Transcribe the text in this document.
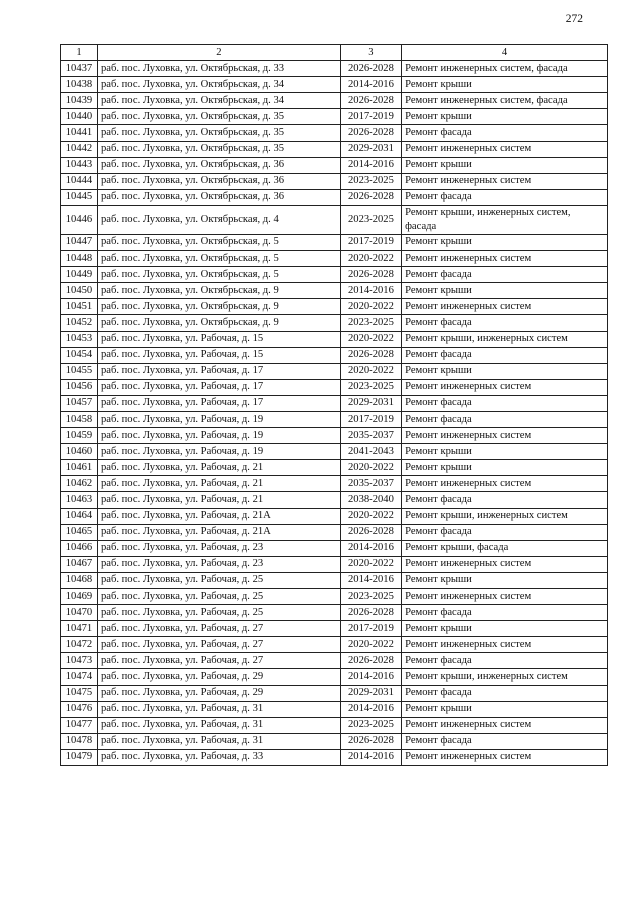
272
1	2	3	4
10437	раб. пос. Луховка, ул. Октябрьская, д. 33	2026-2028	Ремонт инженерных систем, фасада
10438	раб. пос. Луховка, ул. Октябрьская, д. 34	2014-2016	Ремонт крыши
10439	раб. пос. Луховка, ул. Октябрьская, д. 34	2026-2028	Ремонт инженерных систем, фасада
10440	раб. пос. Луховка, ул. Октябрьская, д. 35	2017-2019	Ремонт крыши
10441	раб. пос. Луховка, ул. Октябрьская, д. 35	2026-2028	Ремонт фасада
10442	раб. пос. Луховка, ул. Октябрьская, д. 35	2029-2031	Ремонт инженерных систем
10443	раб. пос. Луховка, ул. Октябрьская, д. 36	2014-2016	Ремонт крыши
10444	раб. пос. Луховка, ул. Октябрьская, д. 36	2023-2025	Ремонт инженерных систем
10445	раб. пос. Луховка, ул. Октябрьская, д. 36	2026-2028	Ремонт фасада
10446	раб. пос. Луховка, ул. Октябрьская, д. 4	2023-2025	Ремонт крыши, инженерных систем, фасада
10447	раб. пос. Луховка, ул. Октябрьская, д. 5	2017-2019	Ремонт крыши
10448	раб. пос. Луховка, ул. Октябрьская, д. 5	2020-2022	Ремонт инженерных систем
10449	раб. пос. Луховка, ул. Октябрьская, д. 5	2026-2028	Ремонт фасада
10450	раб. пос. Луховка, ул. Октябрьская, д. 9	2014-2016	Ремонт крыши
10451	раб. пос. Луховка, ул. Октябрьская, д. 9	2020-2022	Ремонт инженерных систем
10452	раб. пос. Луховка, ул. Октябрьская, д. 9	2023-2025	Ремонт фасада
10453	раб. пос. Луховка, ул. Рабочая, д. 15	2020-2022	Ремонт крыши, инженерных систем
10454	раб. пос. Луховка, ул. Рабочая, д. 15	2026-2028	Ремонт фасада
10455	раб. пос. Луховка, ул. Рабочая, д. 17	2020-2022	Ремонт крыши
10456	раб. пос. Луховка, ул. Рабочая, д. 17	2023-2025	Ремонт инженерных систем
10457	раб. пос. Луховка, ул. Рабочая, д. 17	2029-2031	Ремонт фасада
10458	раб. пос. Луховка, ул. Рабочая, д. 19	2017-2019	Ремонт фасада
10459	раб. пос. Луховка, ул. Рабочая, д. 19	2035-2037	Ремонт инженерных систем
10460	раб. пос. Луховка, ул. Рабочая, д. 19	2041-2043	Ремонт крыши
10461	раб. пос. Луховка, ул. Рабочая, д. 21	2020-2022	Ремонт крыши
10462	раб. пос. Луховка, ул. Рабочая, д. 21	2035-2037	Ремонт инженерных систем
10463	раб. пос. Луховка, ул. Рабочая, д. 21	2038-2040	Ремонт фасада
10464	раб. пос. Луховка, ул. Рабочая, д. 21А	2020-2022	Ремонт крыши, инженерных систем
10465	раб. пос. Луховка, ул. Рабочая, д. 21А	2026-2028	Ремонт фасада
10466	раб. пос. Луховка, ул. Рабочая, д. 23	2014-2016	Ремонт крыши, фасада
10467	раб. пос. Луховка, ул. Рабочая, д. 23	2020-2022	Ремонт инженерных систем
10468	раб. пос. Луховка, ул. Рабочая, д. 25	2014-2016	Ремонт крыши
10469	раб. пос. Луховка, ул. Рабочая, д. 25	2023-2025	Ремонт инженерных систем
10470	раб. пос. Луховка, ул. Рабочая, д. 25	2026-2028	Ремонт фасада
10471	раб. пос. Луховка, ул. Рабочая, д. 27	2017-2019	Ремонт крыши
10472	раб. пос. Луховка, ул. Рабочая, д. 27	2020-2022	Ремонт инженерных систем
10473	раб. пос. Луховка, ул. Рабочая, д. 27	2026-2028	Ремонт фасада
10474	раб. пос. Луховка, ул. Рабочая, д. 29	2014-2016	Ремонт крыши, инженерных систем
10475	раб. пос. Луховка, ул. Рабочая, д. 29	2029-2031	Ремонт фасада
10476	раб. пос. Луховка, ул. Рабочая, д. 31	2014-2016	Ремонт крыши
10477	раб. пос. Луховка, ул. Рабочая, д. 31	2023-2025	Ремонт инженерных систем
10478	раб. пос. Луховка, ул. Рабочая, д. 31	2026-2028	Ремонт фасада
10479	раб. пос. Луховка, ул. Рабочая, д. 33	2014-2016	Ремонт инженерных систем
